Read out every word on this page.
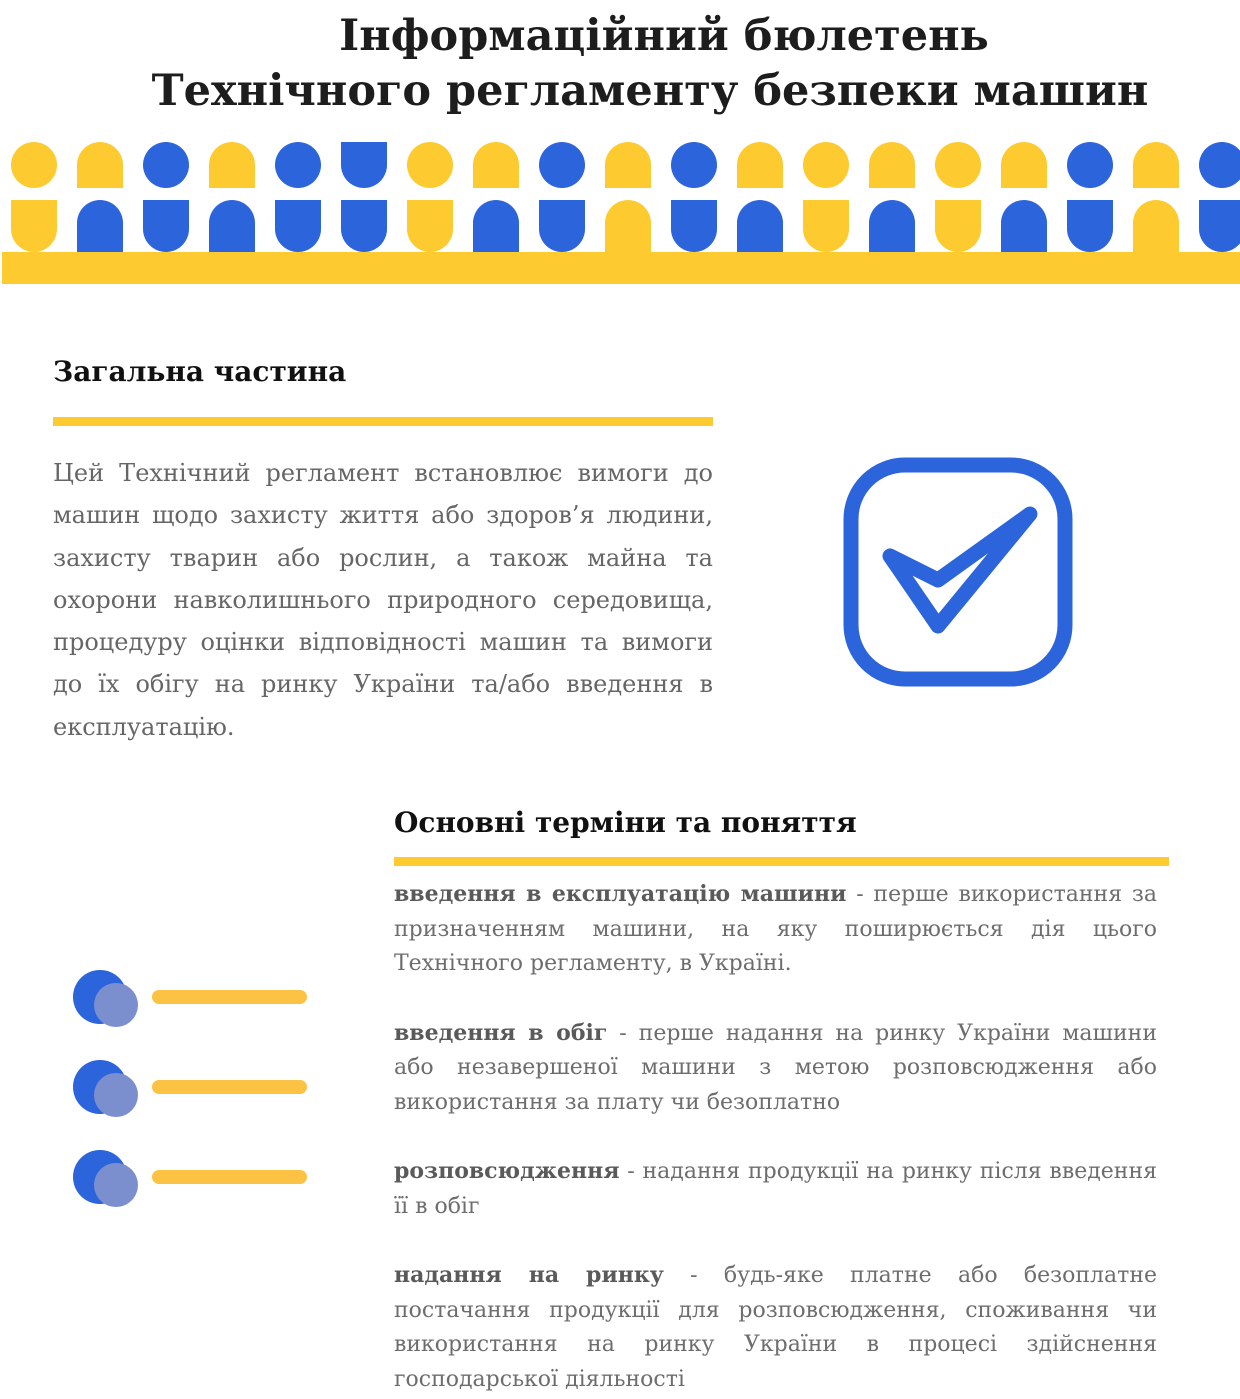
Інформаційний бюлетень
Технічного регламенту безпеки машин
Загальна частина

Цей Технічний регламент встановлює вимоги до машин щодо захисту життя або здоров’я людини, захисту тварин або рослин, а також майна та охорони навколишнього природного середовища, процедуру оцінки відповідності машин та вимоги до їх обігу на ринку України та/або введення в експлуатацію.

Основні терміни та поняття

введення в експлуатацію машини - перше використання за призначенням машини, на яку поширюється дія цього Технічного регламенту, в Україні.

введення в обіг - перше надання на ринку України машини або незавершеної машини з метою розповсюдження або використання за плату чи безоплатно

розповсюдження - надання продукції на ринку після введення її в обіг

надання на ринку - будь-яке платне або безоплатне постачання продукції для розповсюдження, споживання чи використання на ринку України в процесі здійснення господарської діяльності
